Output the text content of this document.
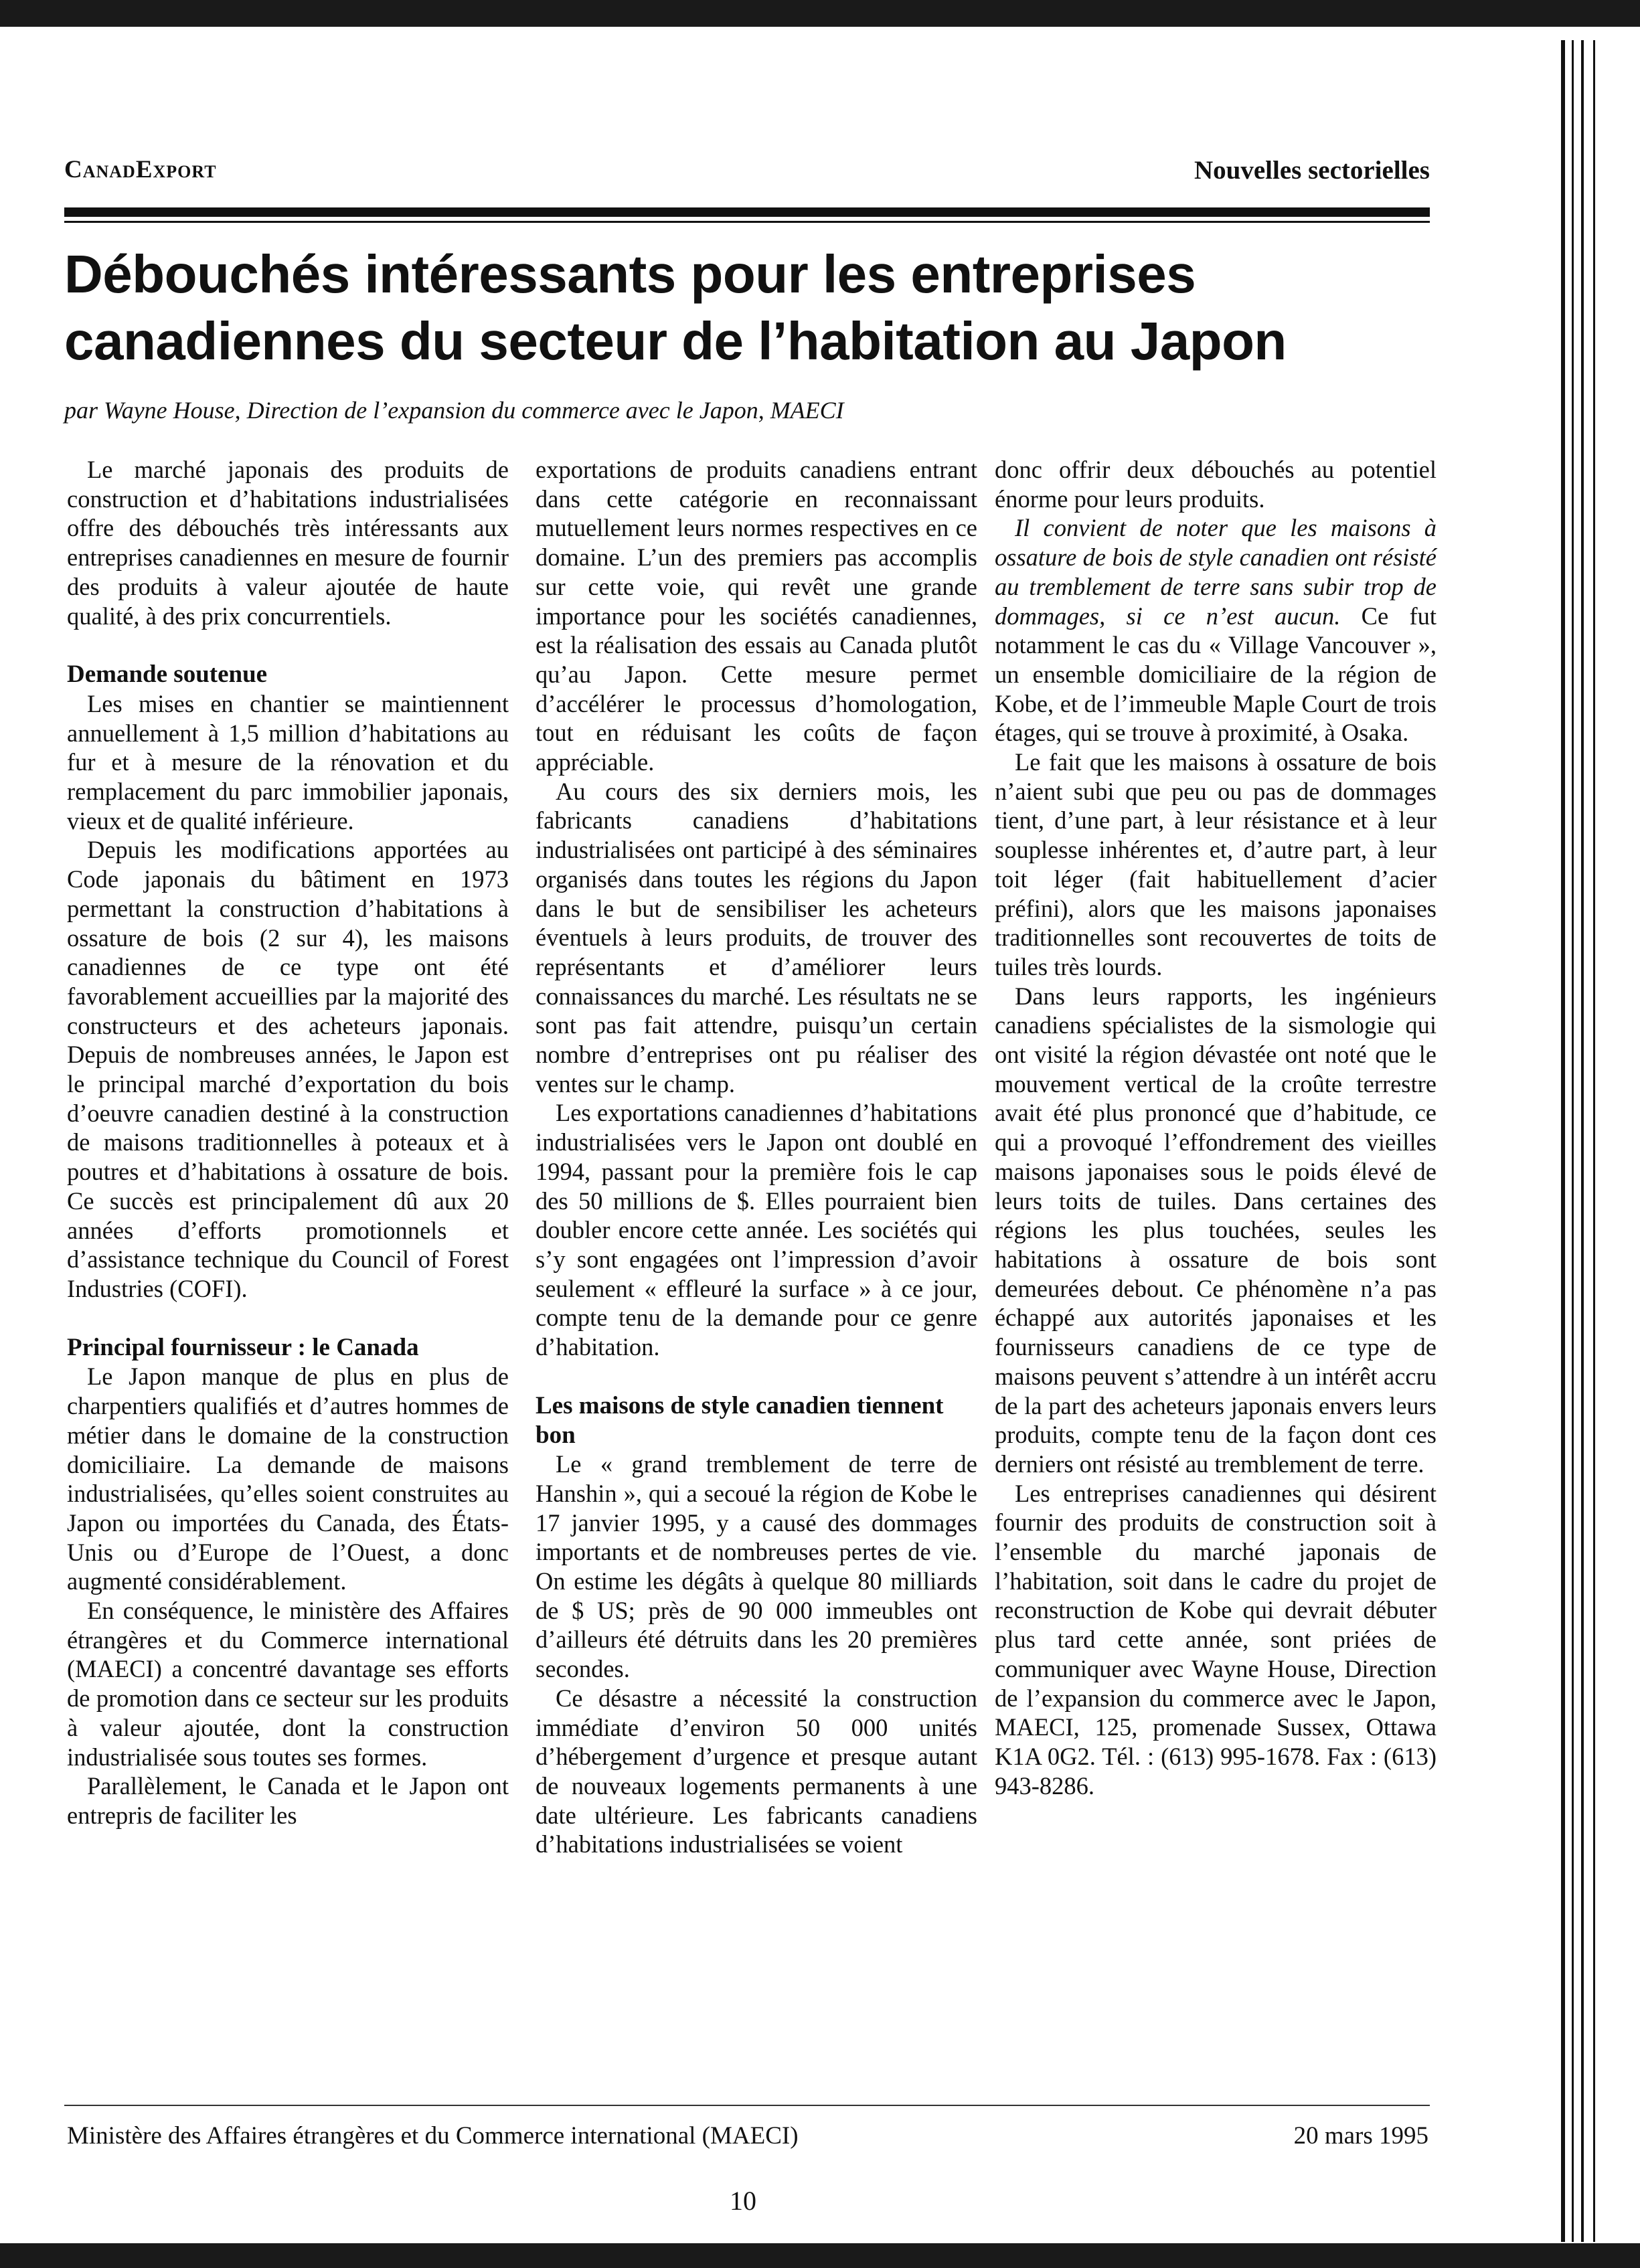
CanadExport	Nouvelles sectorielles
Débouchés intéressants pour les entreprises
canadiennes du secteur de l’habitation au Japon
par Wayne House, Direction de l’expansion du commerce avec le Japon, MAECI

Le marché japonais des produits de construction et d’habitations industrialisées offre des débouchés très intéressants aux entreprises canadiennes en mesure de fournir des produits à valeur ajoutée de haute qualité, à des prix concurrentiels.

Demande soutenue

Les mises en chantier se maintiennent annuellement à 1,5 million d’habitations au fur et à mesure de la rénovation et du remplacement du parc immobilier japonais, vieux et de qualité inférieure.

Depuis les modifications apportées au Code japonais du bâtiment en 1973 permettant la construction d’habitations à ossature de bois (2 sur 4), les maisons canadiennes de ce type ont été favorablement accueillies par la majorité des constructeurs et des acheteurs japonais. Depuis de nombreuses années, le Japon est le principal marché d’exportation du bois d’oeuvre canadien destiné à la construction de maisons traditionnelles à poteaux et à poutres et d’habitations à ossature de bois. Ce succès est principalement dû aux 20 années d’efforts promotionnels et d’assistance technique du Council of Forest Industries (COFI).

Principal fournisseur : le Canada

Le Japon manque de plus en plus de charpentiers qualifiés et d’autres hommes de métier dans le domaine de la construction domiciliaire. La demande de maisons industrialisées, qu’elles soient construites au Japon ou importées du Canada, des États-Unis ou d’Europe de l’Ouest, a donc augmenté considérablement.

En conséquence, le ministère des Affaires étrangères et du Commerce international (MAECI) a concentré davantage ses efforts de promotion dans ce secteur sur les produits à valeur ajoutée, dont la construction industrialisée sous toutes ses formes.

Parallèlement, le Canada et le Japon ont entrepris de faciliter les

exportations de produits canadiens entrant dans cette catégorie en reconnaissant mutuellement leurs normes respectives en ce domaine. L’un des premiers pas accomplis sur cette voie, qui revêt une grande importance pour les sociétés canadiennes, est la réalisation des essais au Canada plutôt qu’au Japon. Cette mesure permet d’accélérer le processus d’homologation, tout en réduisant les coûts de façon appréciable.

Au cours des six derniers mois, les fabricants canadiens d’habitations industrialisées ont participé à des séminaires organisés dans toutes les régions du Japon dans le but de sensibiliser les acheteurs éventuels à leurs produits, de trouver des représentants et d’améliorer leurs connaissances du marché. Les résultats ne se sont pas fait attendre, puisqu’un certain nombre d’entreprises ont pu réaliser des ventes sur le champ.

Les exportations canadiennes d’habitations industrialisées vers le Japon ont doublé en 1994, passant pour la première fois le cap des 50 millions de $. Elles pourraient bien doubler encore cette année. Les sociétés qui s’y sont engagées ont l’impression d’avoir seulement « effleuré la surface » à ce jour, compte tenu de la demande pour ce genre d’habitation.

Les maisons de style canadien tiennent bon

Le « grand tremblement de terre de Hanshin », qui a secoué la région de Kobe le 17 janvier 1995, y a causé des dommages importants et de nombreuses pertes de vie. On estime les dégâts à quelque 80 milliards de $ US; près de 90 000 immeubles ont d’ailleurs été détruits dans les 20 premières secondes.

Ce désastre a nécessité la construction immédiate d’environ 50 000 unités d’hébergement d’urgence et presque autant de nouveaux logements permanents à une date ultérieure. Les fabricants canadiens d’habitations industrialisées se voient

donc offrir deux débouchés au potentiel énorme pour leurs produits.

Il convient de noter que les maisons à ossature de bois de style canadien ont résisté au tremblement de terre sans subir trop de dommages, si ce n’est aucun. Ce fut notamment le cas du « Village Vancouver », un ensemble domiciliaire de la région de Kobe, et de l’immeuble Maple Court de trois étages, qui se trouve à proximité, à Osaka.

Le fait que les maisons à ossature de bois n’aient subi que peu ou pas de dommages tient, d’une part, à leur résistance et à leur souplesse inhérentes et, d’autre part, à leur toit léger (fait habituellement d’acier préfini), alors que les maisons japonaises traditionnelles sont recouvertes de toits de tuiles très lourds.

Dans leurs rapports, les ingénieurs canadiens spécialistes de la sismologie qui ont visité la région dévastée ont noté que le mouvement vertical de la croûte terrestre avait été plus prononcé que d’habitude, ce qui a provoqué l’effondrement des vieilles maisons japonaises sous le poids élevé de leurs toits de tuiles. Dans certaines des régions les plus touchées, seules les habitations à ossature de bois sont demeurées debout. Ce phénomène n’a pas échappé aux autorités japonaises et les fournisseurs canadiens de ce type de maisons peuvent s’attendre à un intérêt accru de la part des acheteurs japonais envers leurs produits, compte tenu de la façon dont ces derniers ont résisté au tremblement de terre.

Les entreprises canadiennes qui désirent fournir des produits de construction soit à l’ensemble du marché japonais de l’habitation, soit dans le cadre du projet de reconstruction de Kobe qui devrait débuter plus tard cette année, sont priées de communiquer avec Wayne House, Direction de l’expansion du commerce avec le Japon, MAECI, 125, promenade Sussex, Ottawa K1A 0G2. Tél. : (613) 995-1678. Fax : (613) 943-8286.

Ministère des Affaires étrangères et du Commerce international (MAECI)	20 mars 1995
10
